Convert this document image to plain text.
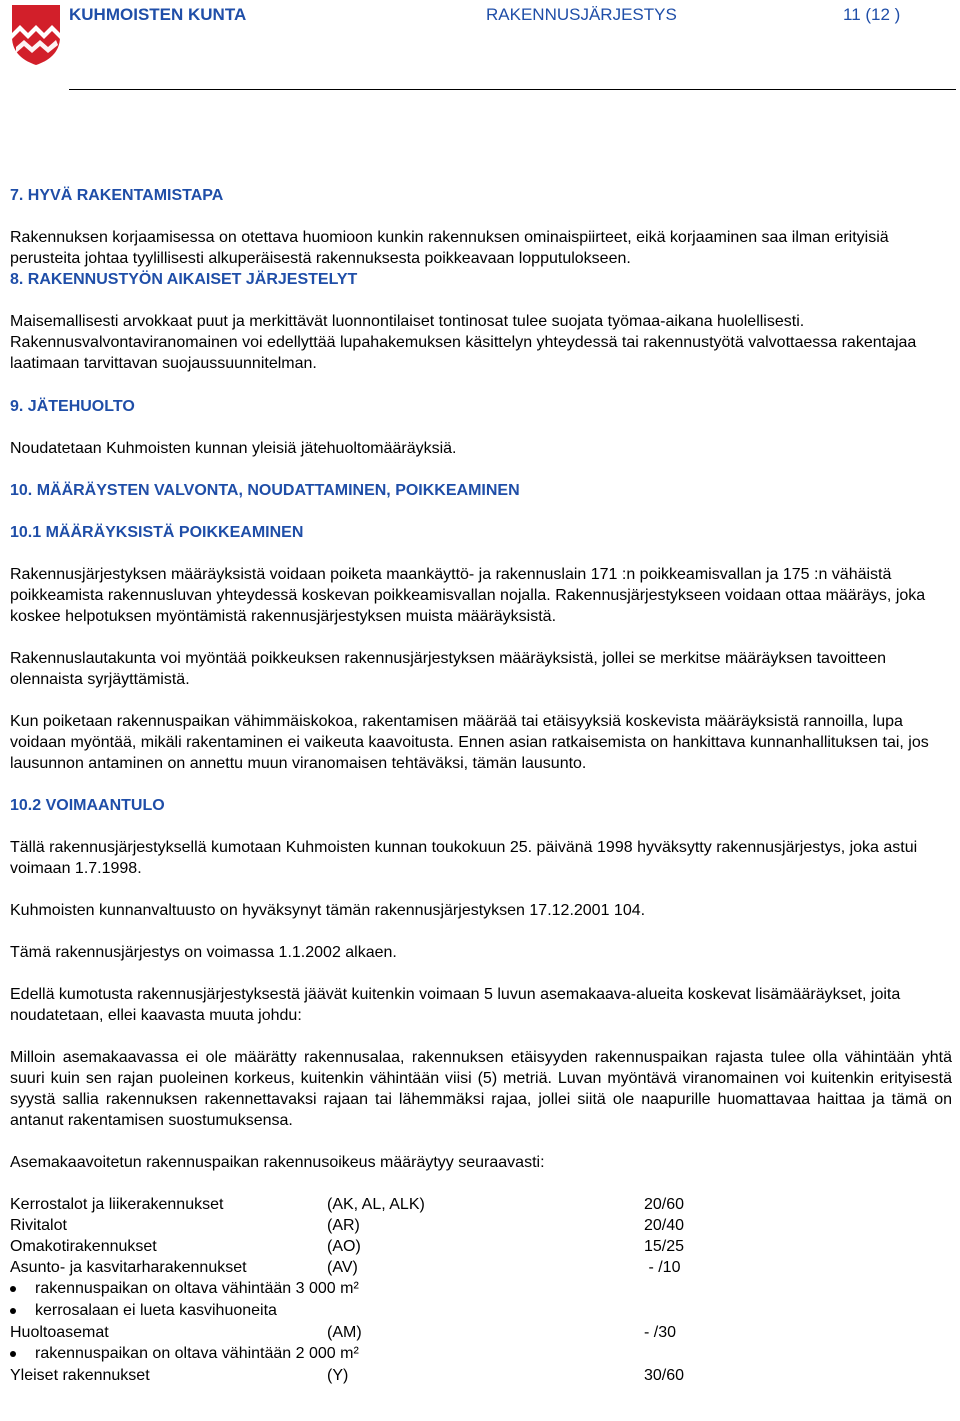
KUHMOISTEN KUNTA	RAKENNUSJÄRJESTYS	11 (12 )

7. HYVÄ RAKENTAMISTAPA

Rakennuksen korjaamisessa on otettava huomioon kunkin rakennuksen ominaispiirteet, eikä korjaaminen saa ilman erityisiä perusteita johtaa tyylillisesti alkuperäisestä rakennuksesta poikkeavaan lopputulokseen.

8. RAKENNUSTYÖN AIKAISET JÄRJESTELYT

Maisemallisesti arvokkaat puut ja merkittävät luonnontilaiset tontinosat tulee suojata työmaa-aikana huolellisesti. Rakennusvalvontaviranomainen voi edellyttää lupahakemuksen käsittelyn yhteydessä tai rakennustyötä valvottaessa rakentajaa laatimaan tarvittavan suojaussuunnitelman.

9. JÄTEHUOLTO

Noudatetaan Kuhmoisten kunnan yleisiä jätehuoltomääräyksiä.

10. MÄÄRÄYSTEN VALVONTA, NOUDATTAMINEN, POIKKEAMINEN

10.1 MÄÄRÄYKSISTÄ POIKKEAMINEN

Rakennusjärjestyksen määräyksistä voidaan poiketa maankäyttö- ja rakennuslain 171 :n poikkeamisvallan ja 175 :n vähäistä poikkeamista rakennusluvan yhteydessä koskevan poikkeamisvallan nojalla. Rakennusjärjestykseen voidaan ottaa määräys, joka koskee helpotuksen myöntämistä rakennusjärjestyksen muista määräyksistä.

Rakennuslautakunta voi myöntää poikkeuksen rakennusjärjestyksen määräyksistä, jollei se merkitse määräyksen tavoitteen olennaista syrjäyttämistä.

Kun poiketaan rakennuspaikan vähimmäiskokoa, rakentamisen määrää tai etäisyyksiä koskevista määräyksistä rannoilla, lupa voidaan myöntää, mikäli rakentaminen ei vaikeuta kaavoitusta. Ennen asian ratkaisemista on hankittava kunnanhallituksen tai, jos lausunnon antaminen on annettu muun viranomaisen tehtäväksi, tämän lausunto.

10.2 VOIMAANTULO

Tällä rakennusjärjestyksellä kumotaan Kuhmoisten kunnan toukokuun 25. päivänä 1998 hyväksytty rakennusjärjestys, joka astui voimaan 1.7.1998.

Kuhmoisten kunnanvaltuusto on hyväksynyt tämän rakennusjärjestyksen 17.12.2001 104.

Tämä rakennusjärjestys on voimassa 1.1.2002 alkaen.

Edellä kumotusta rakennusjärjestyksestä jäävät kuitenkin voimaan 5 luvun asemakaava-alueita koskevat lisämääräykset, joita noudatetaan, ellei kaavasta muuta johdu:

Milloin asemakaavassa ei ole määrätty rakennusalaa, rakennuksen etäisyyden rakennuspaikan rajasta tulee olla vähintään yhtä suuri kuin sen rajan puoleinen korkeus, kuitenkin vähintään viisi (5) metriä. Luvan myöntävä viranomainen voi kuitenkin erityisestä syystä sallia rakennuksen rakennettavaksi rajaan tai lähemmäksi rajaa, jollei siitä ole naapurille huomattavaa haittaa ja tämä on antanut rakentamisen suostumuksensa.

Asemakaavoitetun rakennuspaikan rakennusoikeus määräytyy seuraavasti:

Kerrostalot ja liikerakennukset	(AK, AL, ALK)	20/60
Rivitalot	(AR)	20/40
Omakotirakennukset	(AO)	15/25
Asunto- ja kasvitarharakennukset	(AV)	- /10
rakennuspaikan on oltava vähintään 3 000 m²
kerrosalaan ei lueta kasvihuoneita
Huoltoasemat	(AM)	- /30
rakennuspaikan on oltava vähintään 2 000 m²
Yleiset rakennukset	(Y)	30/60
